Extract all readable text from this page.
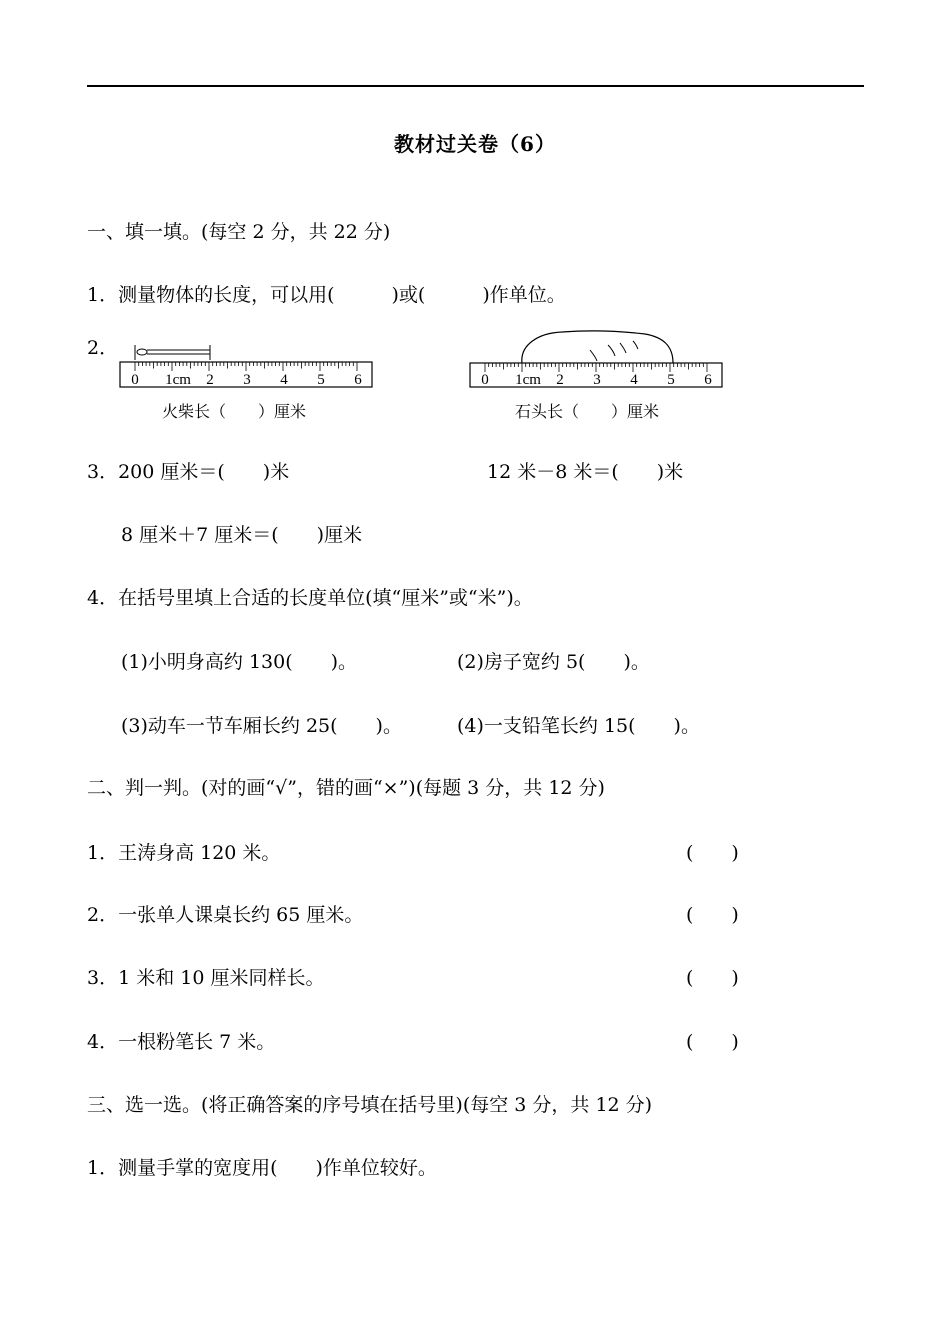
教材过关卷（6）
一、填一填。(每空 2 分，共 22 分)
1．测量物体的长度，可以用(　　　)或(　　　)作单位。
2．
0 1cm 2 3 4 5 6
火柴长（　　）厘米
0 1cm 2 3 4 5 6
石头长（　　）厘米
3．200 厘米＝(　　)米	12 米－8 米＝(　　)米
8 厘米＋7 厘米＝(　　)厘米
4．在括号里填上合适的长度单位(填“厘米”或“米”)。
(1)小明身高约 130(　　)。	(2)房子宽约 5(　　)。
(3)动车一节车厢长约 25(　　)。	(4)一支铅笔长约 15(　　)。
二、判一判。(对的画“√”，错的画“×”)(每题 3 分，共 12 分)
1．王涛身高 120 米。	(　　)
2．一张单人课桌长约 65 厘米。	(　　)
3．1 米和 10 厘米同样长。	(　　)
4．一根粉笔长 7 米。	(　　)
三、选一选。(将正确答案的序号填在括号里)(每空 3 分，共 12 分)
1．测量手掌的宽度用(　　)作单位较好。
